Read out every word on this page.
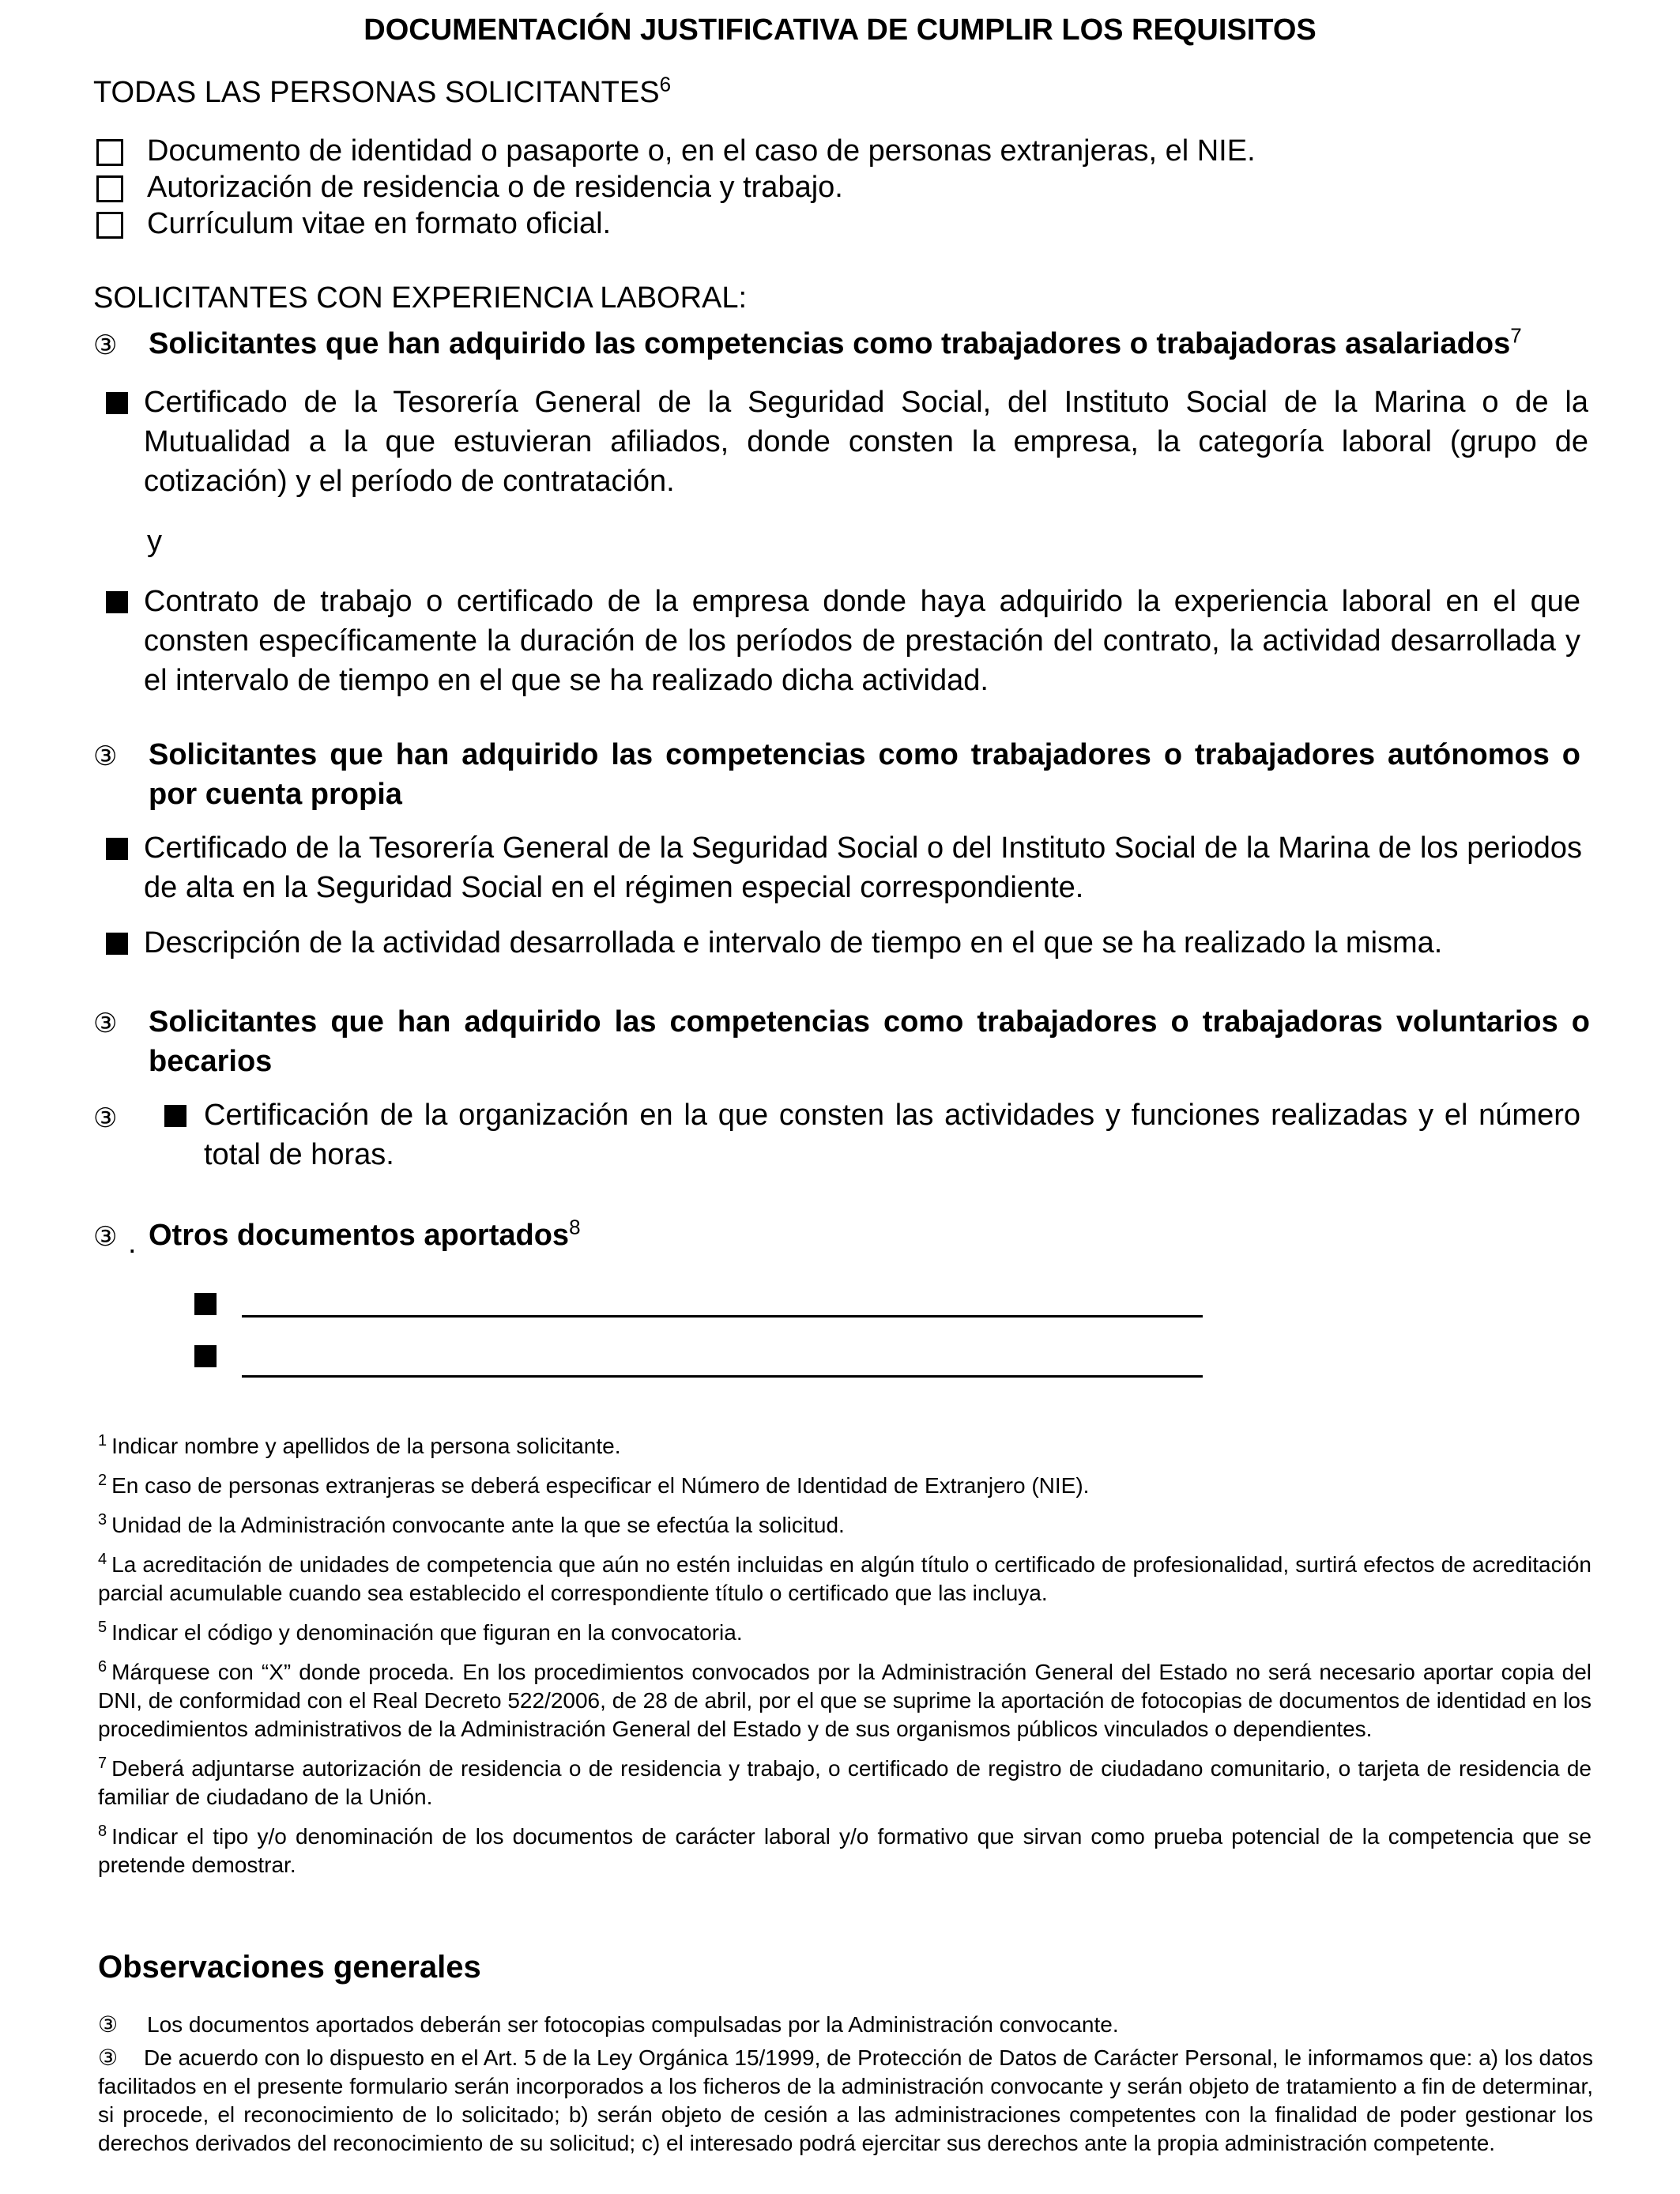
DOCUMENTACIÓN JUSTIFICATIVA DE CUMPLIR LOS REQUISITOS
TODAS LAS PERSONAS SOLICITANTES$^6$
Documento de identidad o pasaporte o, en el caso de personas extranjeras, el NIE.
Autorización de residencia o de residencia y trabajo.
Currículum vitae en formato oficial.
SOLICITANTES CON EXPERIENCIA LABORAL:
③ Solicitantes que han adquirido las competencias como trabajadores o trabajadoras asalariados$^7$
Certificado de la Tesorería General de la Seguridad Social, del Instituto Social de la Marina o de la Mutualidad a la que estuvieran afiliados, donde consten la empresa, la categoría laboral (grupo de cotización) y el período de contratación.
y
Contrato de trabajo o certificado de la empresa donde haya adquirido la experiencia laboral en el que consten específicamente la duración de los períodos de prestación del contrato, la actividad desarrollada y el intervalo de tiempo en el que se ha realizado dicha actividad.
③ Solicitantes que han adquirido las competencias como trabajadores o trabajadores autónomos o por cuenta propia
Certificado de la Tesorería General de la Seguridad Social o del Instituto Social de la Marina de los periodos de alta en la Seguridad Social en el régimen especial correspondiente.
Descripción de la actividad desarrollada e intervalo de tiempo en el que se ha realizado la misma.
③ Solicitantes que han adquirido las competencias como trabajadores o trabajadoras voluntarios o becarios
③	Certificación de la organización en la que consten las actividades y funciones realizadas y el número total de horas.
③ . Otros documentos aportados$^8$
$^1$ Indicar nombre y apellidos de la persona solicitante.
$^2$ En caso de personas extranjeras se deberá especificar el Número de Identidad de Extranjero (NIE).
$^3$ Unidad de la Administración convocante ante la que se efectúa la solicitud.
$^4$ La acreditación de unidades de competencia que aún no estén incluidas en algún título o certificado de profesionalidad, surtirá efectos de acreditación parcial acumulable cuando sea establecido el correspondiente título o certificado que las incluya.
$^5$ Indicar el código y denominación que figuran en la convocatoria.
$^6$ Márquese con “X” donde proceda. En los procedimientos convocados por la Administración General del Estado no será necesario aportar copia del DNI, de conformidad con el Real Decreto 522/2006, de 28 de abril, por el que se suprime la aportación de fotocopias de documentos de identidad en los procedimientos administrativos de la Administración General del Estado y de sus organismos públicos vinculados o dependientes.
$^7$ Deberá adjuntarse autorización de residencia o de residencia y trabajo, o certificado de registro de ciudadano comunitario, o tarjeta de residencia de familiar de ciudadano de la Unión.
$^8$ Indicar el tipo y/o denominación de los documentos de carácter laboral y/o formativo que sirvan como prueba potencial de la competencia que se pretende demostrar.
Observaciones generales
③ Los documentos aportados deberán ser fotocopias compulsadas por la Administración convocante.
③	De acuerdo con lo dispuesto en el Art. 5 de la Ley Orgánica 15/1999, de Protección de Datos de Carácter Personal, le informamos que: a) los datos facilitados en el presente formulario serán incorporados a los ficheros de la administración convocante y serán objeto de tratamiento a fin de determinar, si procede, el reconocimiento de lo solicitado; b) serán objeto de cesión a las administraciones competentes con la finalidad de poder gestionar los derechos derivados del reconocimiento de su solicitud; c) el interesado podrá ejercitar sus derechos ante la propia administración competente.
